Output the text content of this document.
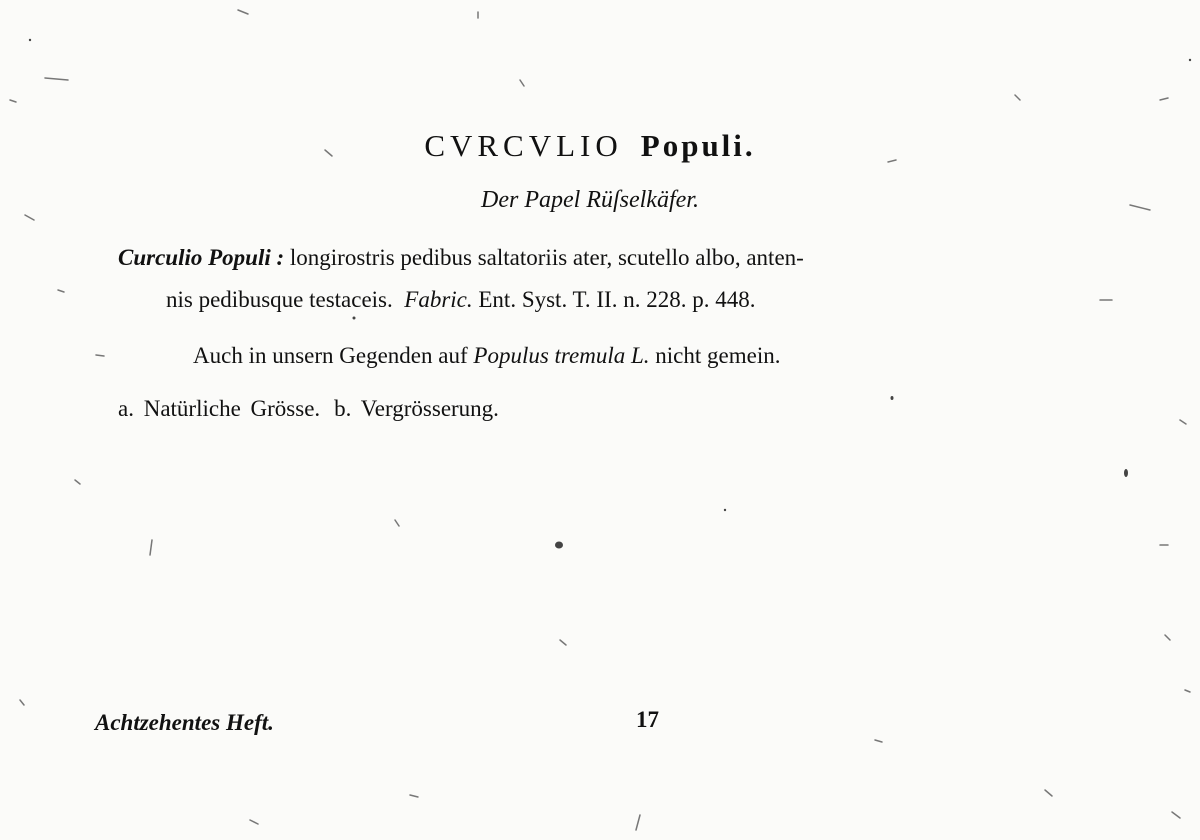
CVRCVLIO Populi.
Der Papel Rüſselkäfer.
Curculio Populi : longirostris pedibus saltatoriis ater, scutello albo, anten-
nis pedibusque testaceis. Fabric. Ent. Syst. T. II. n. 228. p. 448.
Auch in unsern Gegenden auf Populus tremula L. nicht gemein.
a. Natürliche Grösse. b. Vergrösserung.
Achtzehentes Heft.	17
